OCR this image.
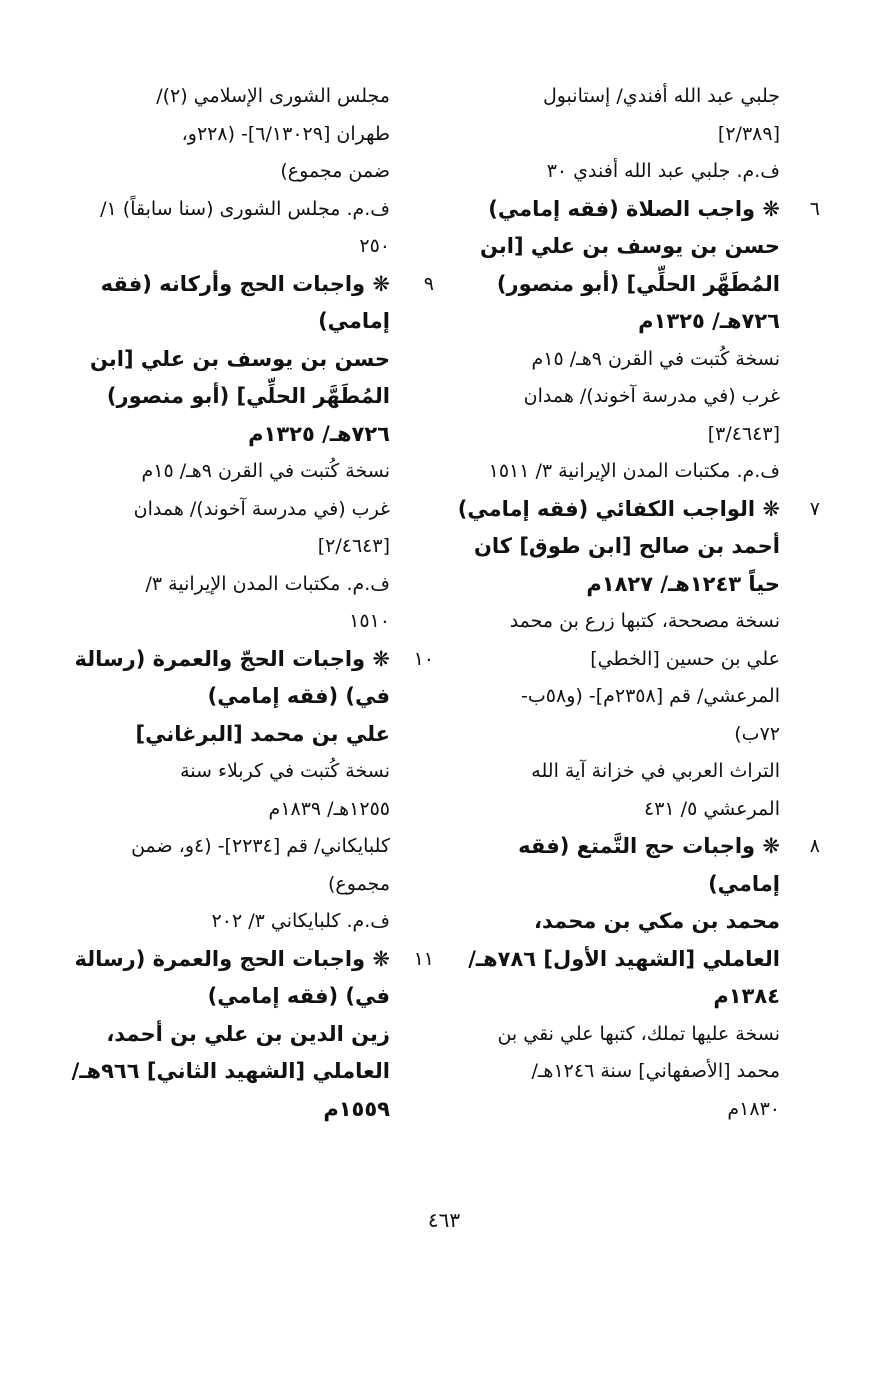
جلبي عبد الله أفندي/ إستانبول
[٢/٣٨٩]
ف.م. جلبي عبد الله أفندي ٣٠
٦
❋ واجب الصلاة (فقه إمامي)
حسن بن يوسف بن علي [ابن
المُطَهَّر الحلِّي] (أبو منصور)
٧٢٦هـ/ ١٣٢٥م
نسخة كُتبت في القرن ٩هـ/ ١٥م
غرب (في مدرسة آخوند)/ همدان
[٣/٤٦٤٣]
ف.م. مكتبات المدن الإيرانية ٣/ ١٥١١
٧
❋ الواجب الكفائي (فقه إمامي)
أحمد بن صالح [ابن طوق] كان
حياً ١٢٤٣هـ/ ١٨٢٧م
نسخة مصححة، كتبها زرع بن محمد
علي بن حسين [الخطي]
المرعشي/ قم [٢٣٥٨م]- (و٥٨ب-
٧٢ب)
التراث العربي في خزانة آية الله
المرعشي ٥/ ٤٣١
٨
❋ واجبات حج التَّمتع (فقه
إمامي)
محمد بن مكي بن محمد،
العاملي [الشهيد الأول] ٧٨٦هـ/
١٣٨٤م
نسخة عليها تملك، كتبها علي نقي بن
محمد [الأصفهاني] سنة ١٢٤٦هـ/
١٨٣٠م
مجلس الشورى الإسلامي (٢)/
طهران [٦/١٣٠٢٩]- (٢٢٨و،
ضمن مجموع)
ف.م. مجلس الشورى (سنا سابقاً) ١/
٢٥٠
٩
❋ واجبات الحج وأركانه (فقه
إمامي)
حسن بن يوسف بن علي [ابن
المُطَهَّر الحلِّي] (أبو منصور)
٧٢٦هـ/ ١٣٢٥م
نسخة كُتبت في القرن ٩هـ/ ١٥م
غرب (في مدرسة آخوند)/ همدان
[٢/٤٦٤٣]
ف.م. مكتبات المدن الإيرانية ٣/
١٥١٠
١٠
❋ واجبات الحجّ والعمرة (رسالة
في) (فقه إمامي)
علي بن محمد [البرغاني]
نسخة كُتبت في كربلاء سنة
١٢٥٥هـ/ ١٨٣٩م
كلبايكاني/ قم [٢٢٣٤]- (٤و، ضمن
مجموع)
ف.م. كلبايكاني ٣/ ٢٠٢
١١
❋ واجبات الحج والعمرة (رسالة
في) (فقه إمامي)
زين الدين بن علي بن أحمد،
العاملي [الشهيد الثاني] ٩٦٦هـ/
١٥٥٩م
٤٦٣
